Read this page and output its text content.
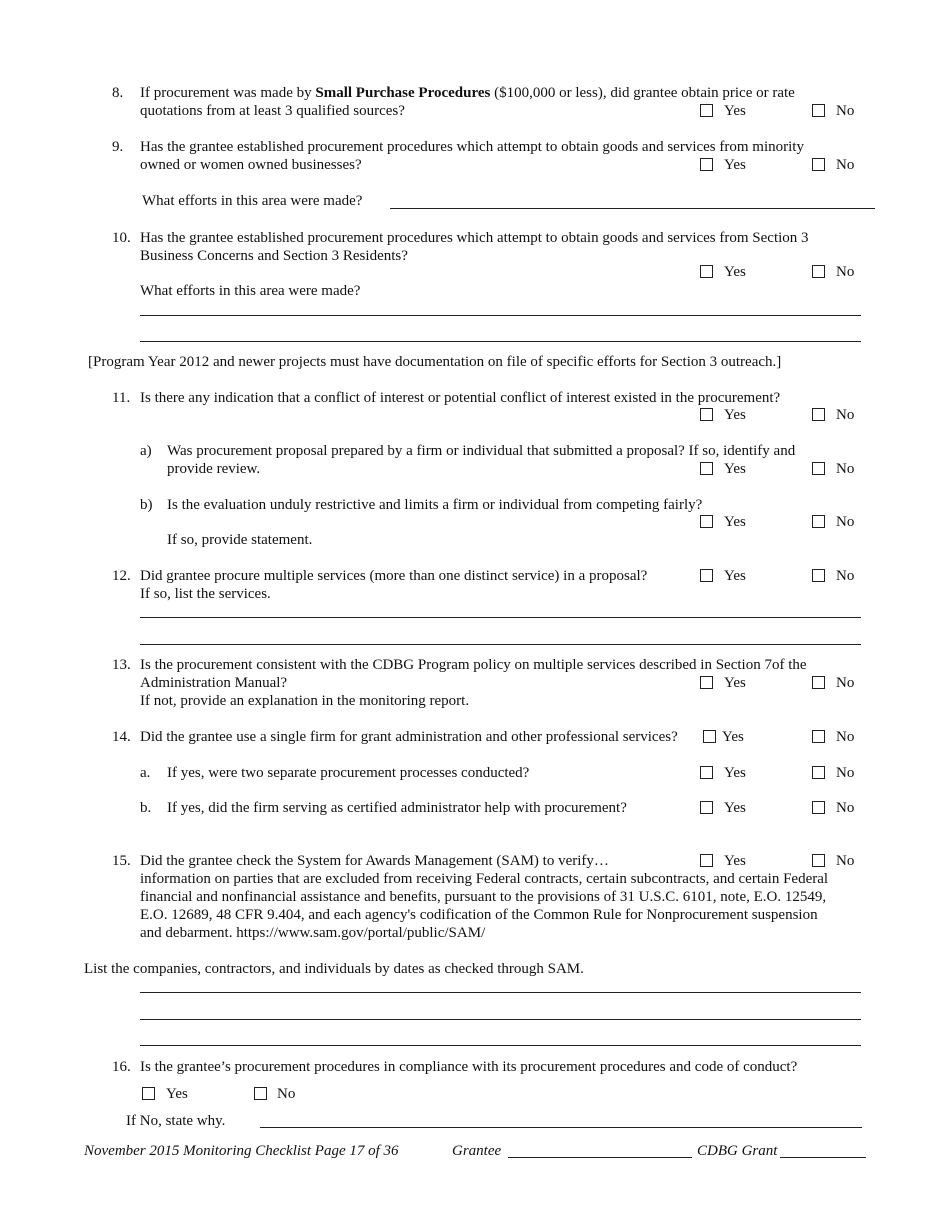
8. If procurement was made by Small Purchase Procedures ($100,000 or less), did grantee obtain price or rate
quotations from at least 3 qualified sources?	Yes	No
9. Has the grantee established procurement procedures which attempt to obtain goods and services from minority
owned or women owned businesses?	Yes	No
What efforts in this area were made?
10. Has the grantee established procurement procedures which attempt to obtain goods and services from Section 3
Business Concerns and Section 3 Residents?
Yes	No
What efforts in this area were made?
[Program Year 2012 and newer projects must have documentation on file of specific efforts for Section 3 outreach.]
11. Is there any indication that a conflict of interest or potential conflict of interest existed in the procurement?
Yes	No
a) Was procurement proposal prepared by a firm or individual that submitted a proposal? If so, identify and
provide review.	Yes	No
b) Is the evaluation unduly restrictive and limits a firm or individual from competing fairly?
Yes	No
If so, provide statement.
12. Did grantee procure multiple services (more than one distinct service) in a proposal?	Yes	No
If so, list the services.
13. Is the procurement consistent with the CDBG Program policy on multiple services described in Section 7of the
Administration Manual?	Yes	No
If not, provide an explanation in the monitoring report.
14. Did the grantee use a single firm for grant administration and other professional services?	Yes	No
a. If yes, were two separate procurement processes conducted?	Yes	No
b. If yes, did the firm serving as certified administrator help with procurement?	Yes	No
15. Did the grantee check the System for Awards Management (SAM) to verify…	Yes	No
information on parties that are excluded from receiving Federal contracts, certain subcontracts, and certain Federal
financial and nonfinancial assistance and benefits, pursuant to the provisions of 31 U.S.C. 6101, note, E.O. 12549,
E.O. 12689, 48 CFR 9.404, and each agency's codification of the Common Rule for Nonprocurement suspension
and debarment. https://www.sam.gov/portal/public/SAM/
List the companies, contractors, and individuals by dates as checked through SAM.
16. Is the grantee’s procurement procedures in compliance with its procurement procedures and code of conduct?
Yes	No
If No, state why.
November 2015 Monitoring Checklist Page 17 of 36	Grantee	CDBG Grant
